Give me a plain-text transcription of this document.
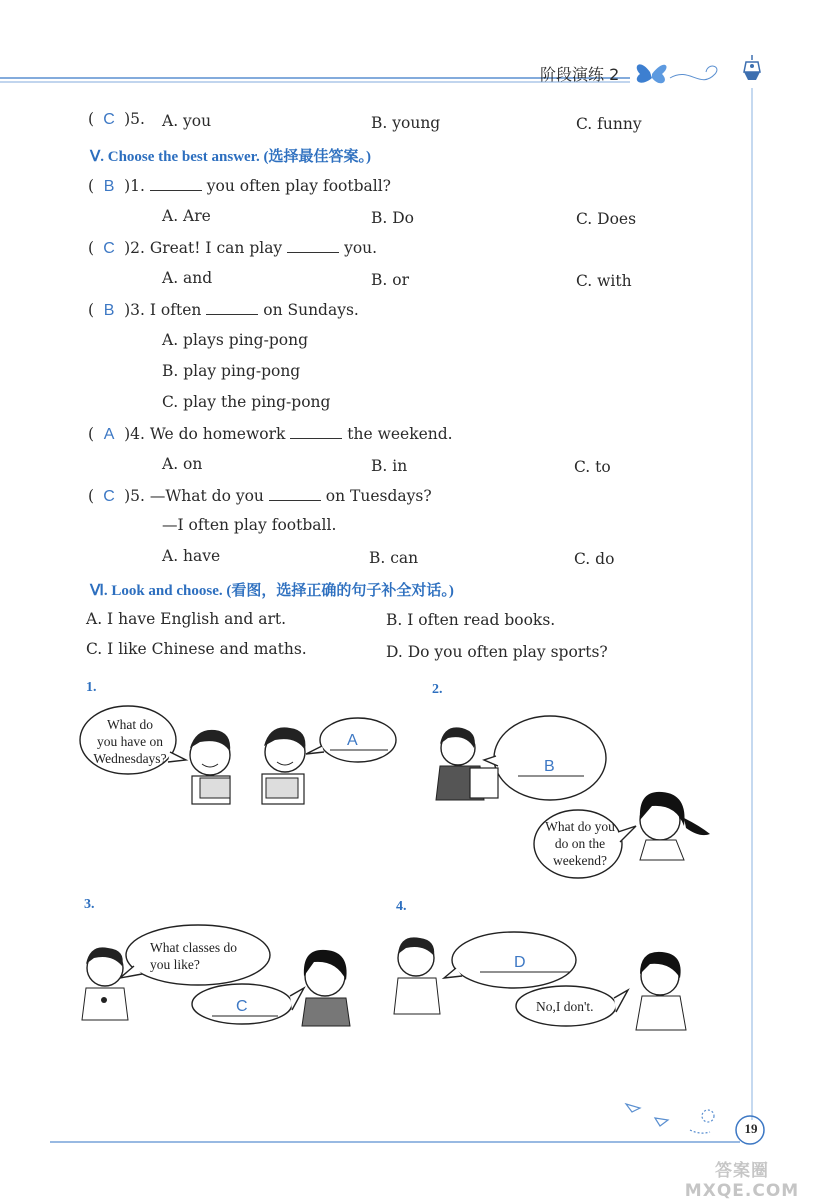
阶段演练 2
( C )5. A. you	B. young	C. funny
Ⅴ. Choose the best answer. (选择最佳答案。)
( B )1.	you often play football?
A. Are	B. Do	C. Does
( C )2. Great! I can play	you.
A. and	B. or	C. with
( B )3. I often	on Sundays.
A. plays ping-pong
B. play ping-pong
C. play the ping-pong
( A )4. We do homework	the weekend.
A. on	B. in	C. to
( C )5. —What do you	on Tuesdays?
—I often play football.
A. have	B. can	C. do
Ⅵ. Look and choose. (看图，选择正确的句子补全对话。)
A. I have English and art.	B. I often read books.
C. I like Chinese and maths.	D. Do you often play sports?
1.	2.
3.	4.
What do
you have on
Wednesdays?
A
B
What do you
do on the
weekend?
What classes do
you like?
C
D
No,I don't.
19
答案圈 MXQE.COM
